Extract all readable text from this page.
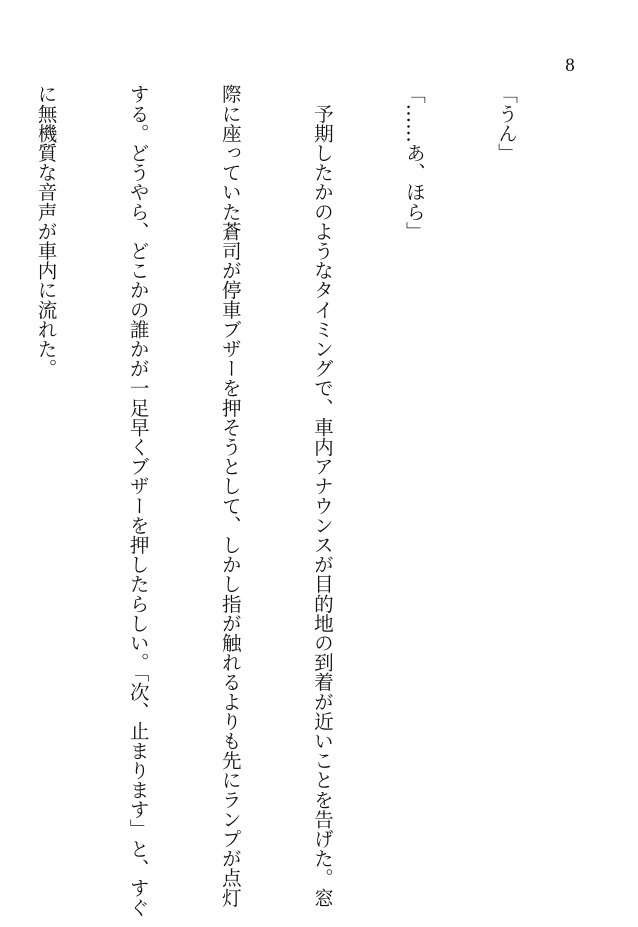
8

「うん」

「……あ、ほら」

　予期したかのようなタイミングで、車内アナウンスが目的地の到着が近いことを告げた。窓

際に座っていた蒼司が停車ブザーを押そうとして、しかし指が触れるよりも先にランプが点灯

する。どうやら、どこかの誰かが一足早くブザーを押したらしい。「次、止まります」と、すぐ

に無機質な音声が車内に流れた。
